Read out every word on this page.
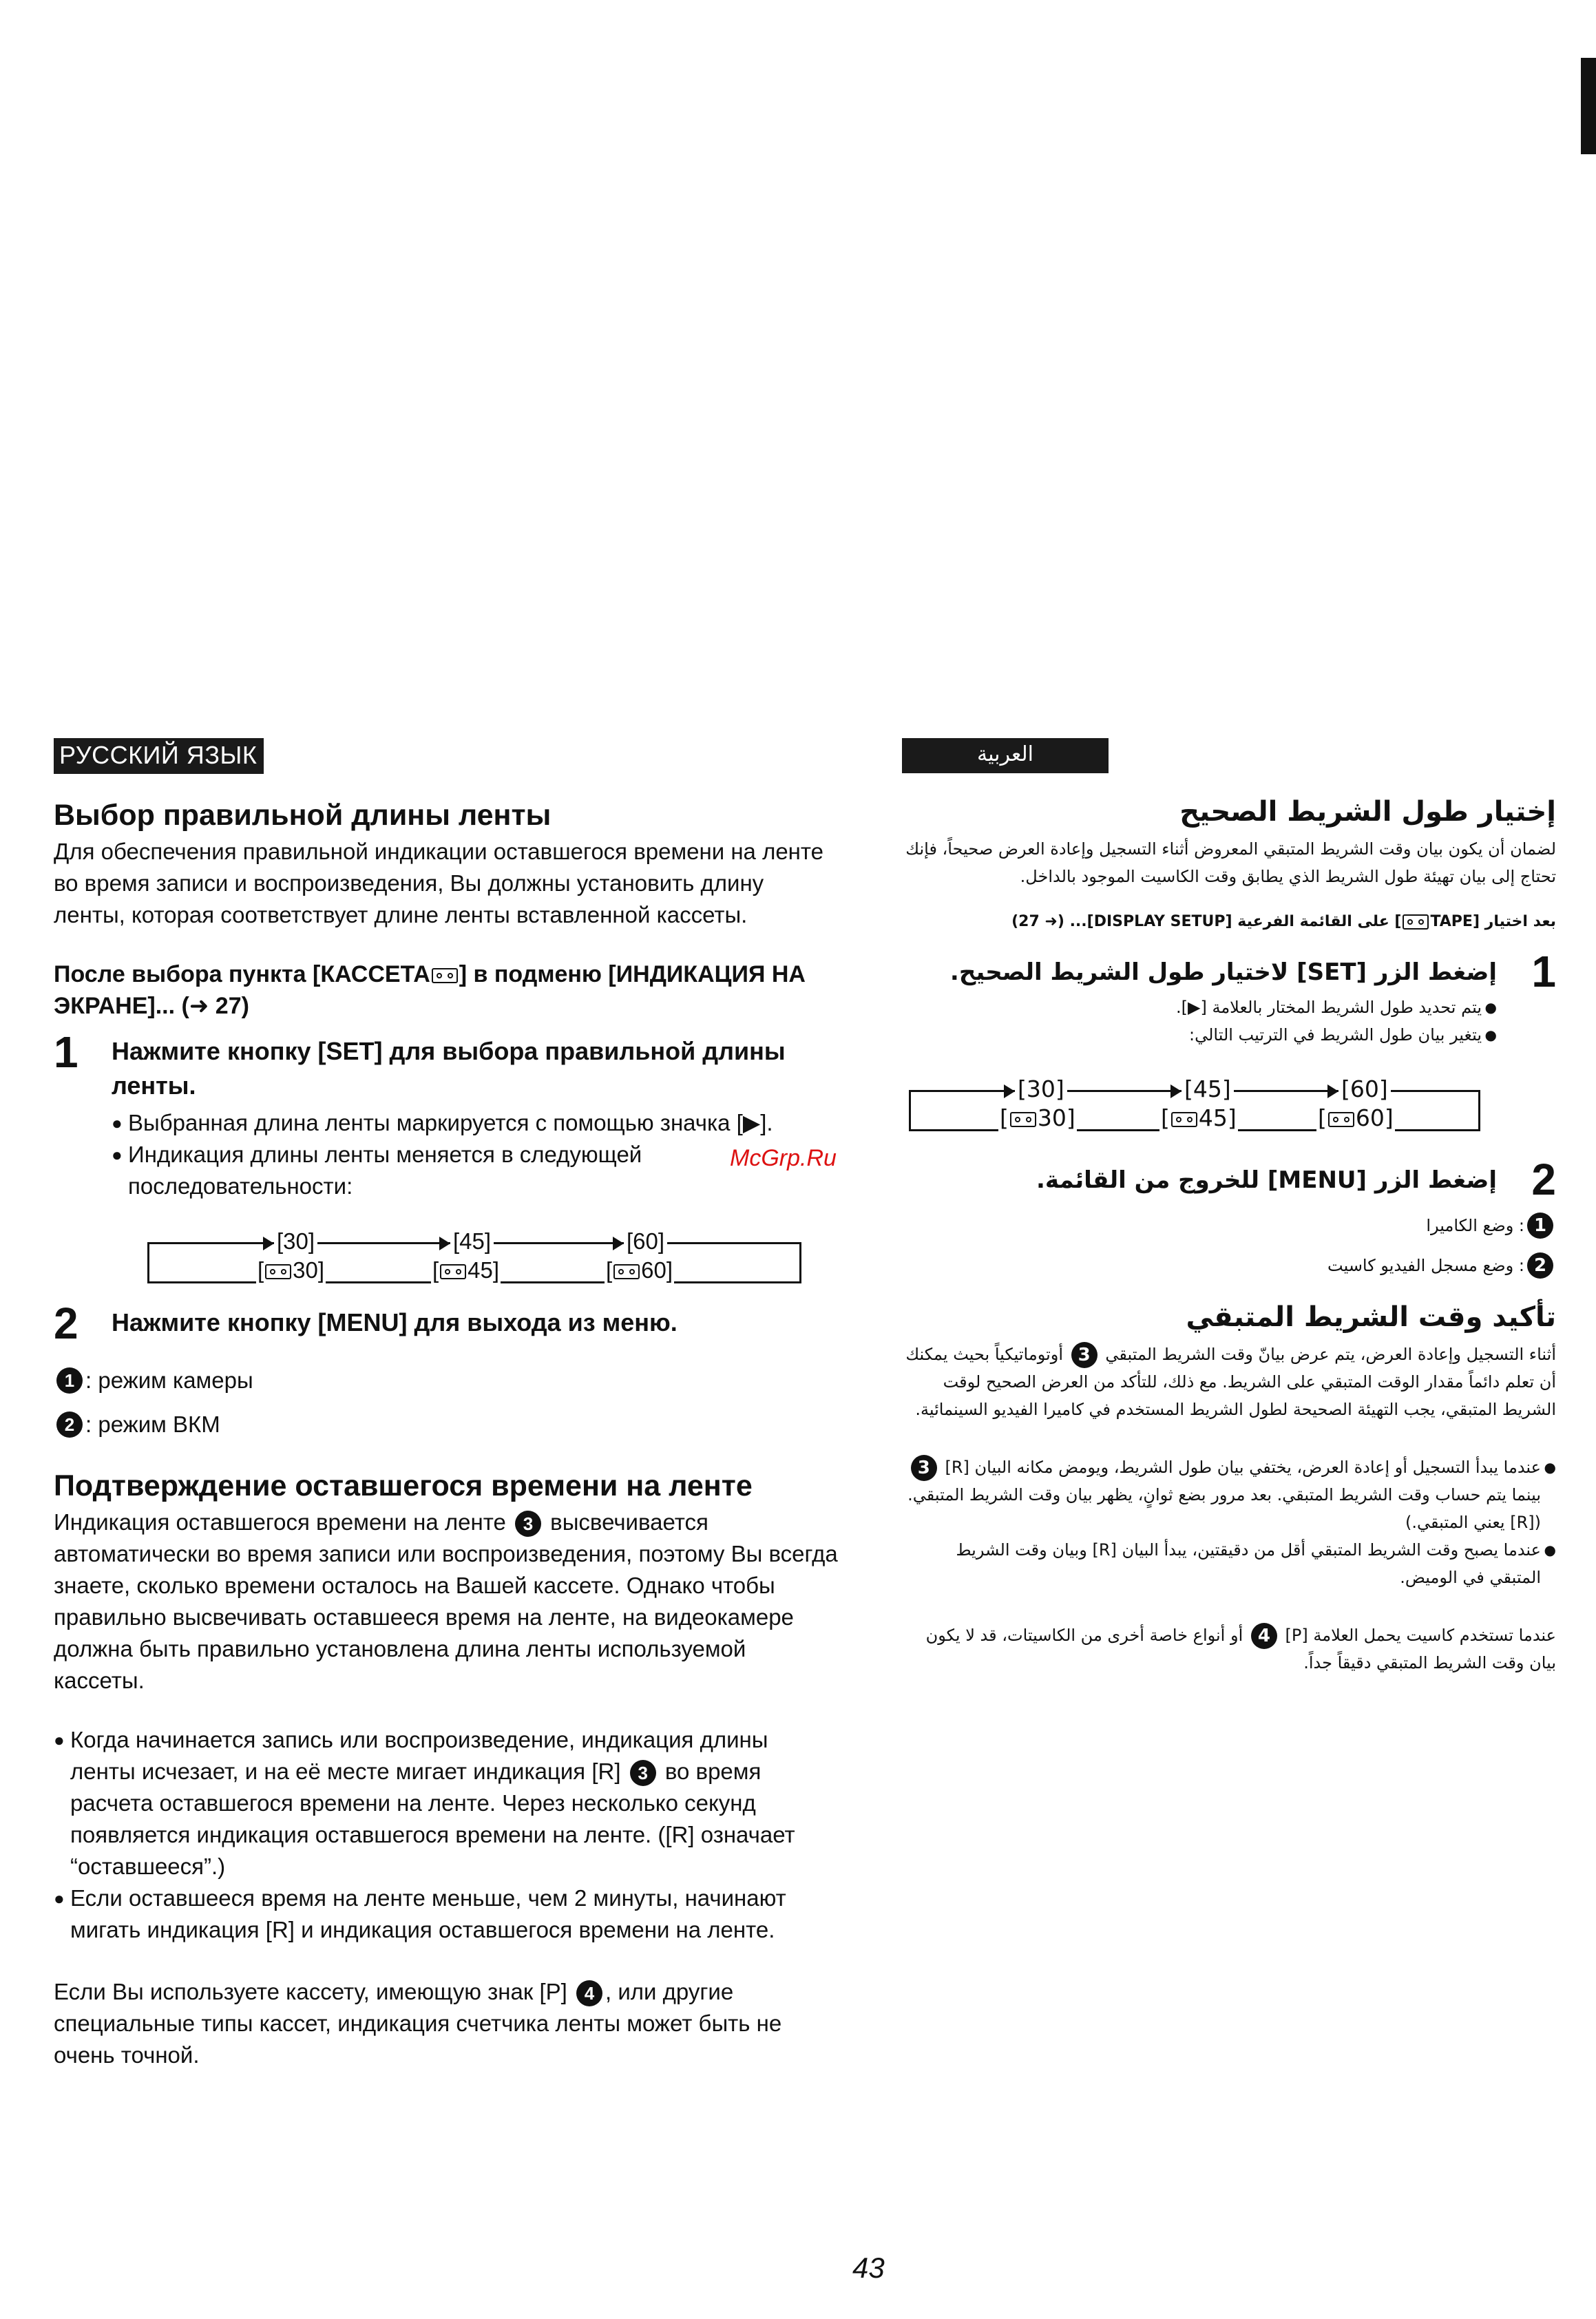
McGrp.Ru
РУССКИЙ ЯЗЫК
Выбор правильной длины ленты

Для обеспечения правильной индикации оставшегося времени на ленте во время записи и воспроизведения, Вы должны установить длину ленты, которая соответствует длине ленты вставленной кассеты.

После выбора пункта [КАССЕТА ] в подменю [ИНДИКАЦИЯ НА ЭКРАНЕ]... (➜ 27)

1 Нажмите кнопку [SET] для выбора правильной длины ленты.

● Выбранная длина ленты маркируется с помощью значка [▶].
● Индикация длины ленты меняется в следующей последовательности:
[30]	[45]	[60]
[ 30]	[ 45]	[ 60]
2 Нажмите кнопку [MENU] для выхода из меню.

1 : режим камеры
2 : режим ВКМ
Подтверждение оставшегося времени на ленте

Индикация оставшегося времени на ленте 3 высвечивается автоматически во время записи или воспроизведения, поэтому Вы всегда знаете, сколько времени осталось на Вашей кассете. Однако чтобы правильно высвечивать оставшееся время на ленте, на видеокамере должна быть правильно установлена длина ленты используемой кассеты.

● Когда начинается запись или воспроизведение, индикация длины ленты исчезает, и на её месте мигает индикация [R] 3 во время расчета оставшегося времени на ленте. Через несколько секунд появляется индикация оставшегося времени на ленте. ([R] означает “оставшееся”.)
● Если оставшееся время на ленте меньше, чем 2 минуты, начинают мигать индикация [R] и индикация оставшегося времени на ленте.

Если Вы используете кассету, имеющую знак [P] 4 , или другие специальные типы кассет, индикация счетчика ленты может быть не очень точной.

العربية
إختيار طول الشريط الصحيح

لضمان أن يكون بيان وقت الشريط المتبقي المعروض أثناء التسجيل وإعادة العرض صحيحاً، فإنك تحتاج إلى بيان تهيئة طول الشريط الذي يطابق وقت الكاسيت الموجود بالداخل.

بعد اختيار [TAPE] على القائمة الفرعية [DISPLAY SETUP]... (➜ 27)

1

إضغط الزر [SET] لاختيار طول الشريط الصحيح.

● يتم تحديد طول الشريط المختار بالعلامة [▶].
● يتغير بيان طول الشريط في الترتيب التالي:
[30]	[45]	[60]
[ 30]	[ 45]	[ 60]
2

إضغط الزر [MENU] للخروج من القائمة.

1
: وضع الكاميرا
2
: وضع مسجل الفيديو كاسيت
تأكيد وقت الشريط المتبقي

أثناء التسجيل وإعادة العرض، يتم عرض بيانّ وقت الشريط المتبقي 3 أوتوماتيكياً بحيث يمكنك أن تعلم دائماً مقدار الوقت المتبقي على الشريط. مع ذلك، للتأكد من العرض الصحيح لوقت الشريط المتبقي، يجب التهيئة الصحيحة لطول الشريط المستخدم في كاميرا الفيديو السينمائية.

● عندما يبدأ التسجيل أو إعادة العرض، يختفي بيان طول الشريط، ويومض مكانه البيان [R] 3 بينما يتم حساب وقت الشريط المتبقي. بعد مرور بضع ثوانٍ، يظهر بيان وقت الشريط المتبقي. ([R] يعني المتبقي.)
● عندما يصبح وقت الشريط المتبقي أقل من دقيقتين، يبدأ البيان [R] وبيان وقت الشريط المتبقي في الوميض.

عندما تستخدم كاسيت يحمل العلامة [P] 4 أو أنواع خاصة أخرى من الكاسيتات، قد لا يكون بيان وقت الشريط المتبقي دقيقاً جداً.

43
